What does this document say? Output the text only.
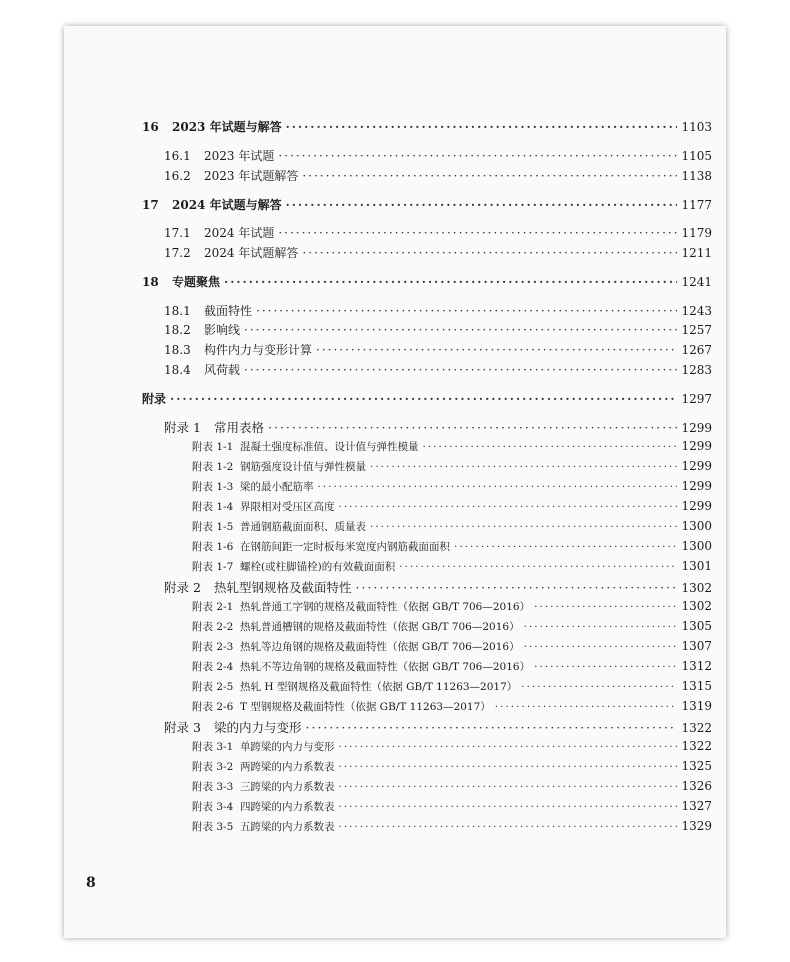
16	2023 年试题与解答 ·····	1103
16.1	2023 年试题 ·····	1105
16.2	2023 年试题解答 ·····	1138
17	2024 年试题与解答 ·····	1177
17.1	2024 年试题 ·····	1179
17.2	2024 年试题解答 ·····	1211
18	专题聚焦 ·····	1241
18.1	截面特性 ·····	1243
18.2	影响线 ·····	1257
18.3	构件内力与变形计算 ·····	1267
18.4	风荷载 ·····	1283
附录 ·····	1297
附录 1	常用表格 ·····	1299
附表 1-1 混凝土强度标准值、设计值与弹性模量 ·····	1299
附表 1-2 钢筋强度设计值与弹性模量 ·····	1299
附表 1-3 梁的最小配筋率 ·····	1299
附表 1-4 界限相对受压区高度 ·····	1299
附表 1-5 普通钢筋截面面积、质量表 ·····	1300
附表 1-6 在钢筋间距一定时板每米宽度内钢筋截面面积 ·····	1300
附表 1-7 螺栓(或柱脚锚栓)的有效截面面积 ·····	1301
附录 2	热轧型钢规格及截面特性 ·····	1302
附表 2-1 热轧普通工字钢的规格及截面特性（依据 GB/T 706—2016） ·····	1302
附表 2-2 热轧普通槽钢的规格及截面特性（依据 GB/T 706—2016） ·····	1305
附表 2-3 热轧等边角钢的规格及截面特性（依据 GB/T 706—2016） ·····	1307
附表 2-4 热轧不等边角钢的规格及截面特性（依据 GB/T 706—2016） ·····	1312
附表 2-5 热轧 H 型钢规格及截面特性（依据 GB/T 11263—2017） ·····	1315
附表 2-6 T 型钢规格及截面特性（依据 GB/T 11263—2017） ·····	1319
附录 3	梁的内力与变形 ·····	1322
附表 3-1 单跨梁的内力与变形 ·····	1322
附表 3-2 两跨梁的内力系数表 ·····	1325
附表 3-3 三跨梁的内力系数表 ·····	1326
附表 3-4 四跨梁的内力系数表 ·····	1327
附表 3-5 五跨梁的内力系数表 ·····	1329
8
